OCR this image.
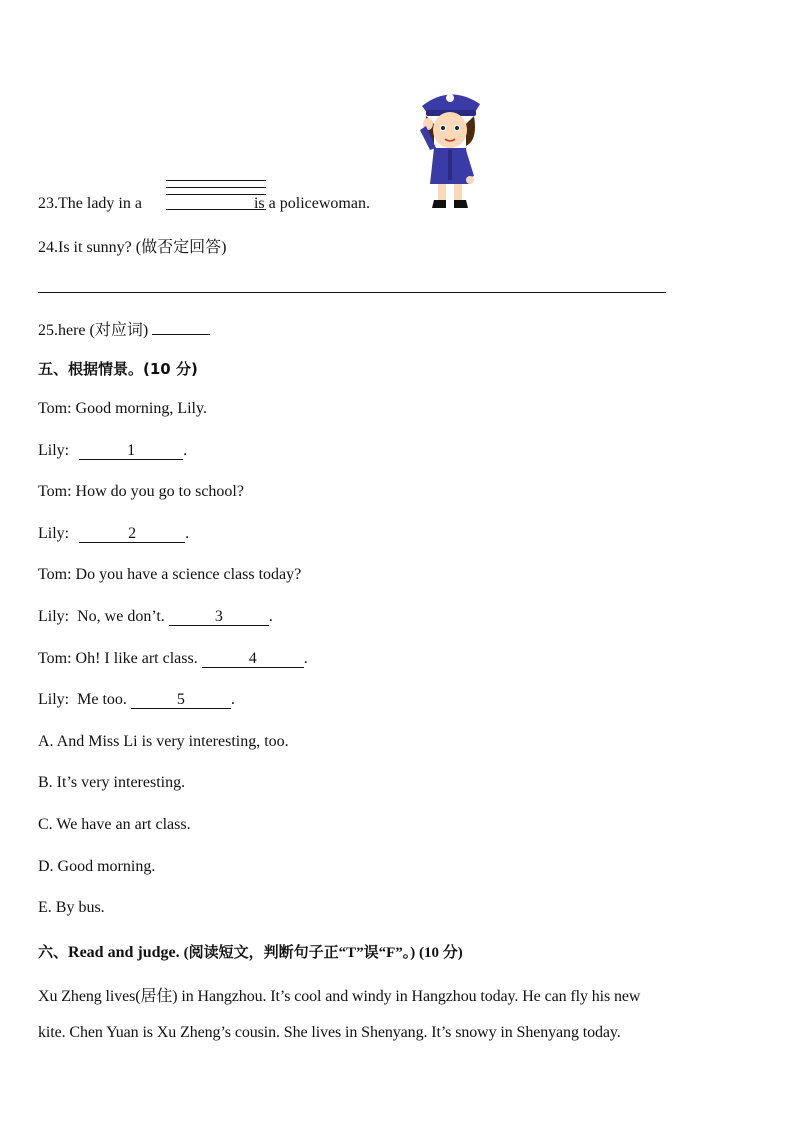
23.The lady in a	is a policewoman.
24.Is it sunny? (做否定回答)
25.here (对应词)
五、根据情景。(10 分)
Tom: Good morning, Lily.
Lily:	1	.
Tom: How do you go to school?
Lily:	2	.
Tom: Do you have a science class today?
Lily: No, we don’t.	3	.
Tom: Oh! I like art class.	4	.
Lily: Me too.	5	.
A. And Miss Li is very interesting, too.
B. It’s very interesting.
C. We have an art class.
D. Good morning.
E. By bus.
六、Read and judge. (阅读短文，判断句子正“T”误“F”。) (10 分)
Xu Zheng lives(居住) in Hangzhou. It’s cool and windy in Hangzhou today. He can fly his new
kite. Chen Yuan is Xu Zheng’s cousin. She lives in Shenyang. It’s snowy in Shenyang today.
